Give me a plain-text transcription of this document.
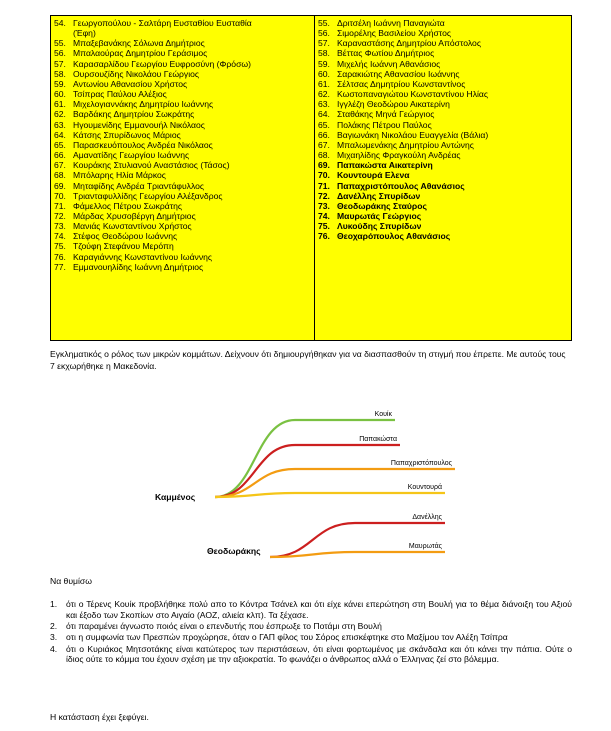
54. Γεωργοπούλου - Σαλτάρη Ευσταθίου Ευσταθία
(Έφη)
55. Μπαξεβανάκης Σόλωνα Δημήτριος
56. Μπαλαούρας Δημητρίου Γεράσιμος
57. Καρασαρλίδου Γεωργίου Ευφροσύνη (Φρόσω)
58. Ουρσουζίδης Νικολάου Γεώργιος
59. Αντωνίου Αθανασίου Χρήστος
60. Τσίπρας Παύλου Αλέξιος
61. Μιχελογιαννάκης Δημητρίου Ιωάννης
62. Βαρδάκης Δημητρίου Σωκράτης
63. Ηγουμενίδης Εμμανουήλ Νικόλαος
64. Κάτσης Σπυρίδωνος Μάριος
65. Παρασκευόπουλος Ανδρέα Νικόλαος
66. Αμανατίδης Γεωργίου Ιωάννης
67. Κουράκης Στυλιανού Αναστάσιος (Τάσος)
68. Μπόλαρης Ηλία Μάρκος
69. Μηταφίδης Ανδρέα Τριαντάφυλλος
70. Τριανταφυλλίδης Γεωργίου Αλέξανδρος
71. Φάμελλος Πέτρου Σωκράτης
72. Μάρδας Χρυσοβέργη Δημήτριος
73. Μανιάς Κωνσταντίνου Χρήστος
74. Στέφος Θεοδώρου Ιωάννης
75. Τζούφη Στεφάνου Μερόπη
76. Καραγιάννης Κωνσταντίνου Ιωάννης
77. Εμμανουηλίδης Ιωάννη Δημήτριος
55. Δριτσέλη Ιωάννη Παναγιώτα
56. Σιμορέλης Βασιλείου Χρήστος
57. Καραναστάσης Δημητρίου Απόστολος
58. Βέττας Φωτίου Δημήτριος
59. Μιχελής Ιωάννη Αθανάσιος
60. Σαρακιώτης Αθανασίου Ιωάννης
61. Σέλτσας Δημητρίου Κωνσταντίνος
62. Κωστοπαναγιώτου Κωνσταντίνου Ηλίας
63. Ιγγλέζη Θεοδώρου Αικατερίνη
64. Σταθάκης Μηνά Γεώργιος
65. Πολάκης Πέτρου Παύλος
66. Βαγιωνάκη Νικολάου Ευαγγελία (Βάλια)
67. Μπαλωμενάκης Δημητρίου Αντώνης
68. Μιχαηλίδης Φραγκούλη Ανδρέας
69. Παπακώστα Αικατερίνη
70. Κουντουρά Ελενα
71. Παπαχριστόπουλος Αθανάσιος
72. Δανέλλης Σπυρίδων
73. Θεοδωράκης Σταύρος
74. Μαυρωτάς Γεώργιος
75. Λυκούδης Σπυρίδων
76. Θεοχαρόπουλος Αθανάσιος

Εγκληματικός ο ρόλος των μικρών κομμάτων. Δείχνουν ότι δημιουργήθηκαν για να διασπασθούν τη στιγμή που έπρεπε. Με αυτούς τους 7 εκχωρήθηκε η Μακεδονία.

Κουίκ
Παπακώστα
Παπαχριστόπουλος
Κουντουρά
Δανέλλης
Μαυρωτάς
Καμμένος
Θεοδωράκης

Να θυμίσω

1.	ότι ο Τέρενς Κουίκ προβλήθηκε πολύ απο το Κόντρα Τσάνελ και ότι είχε κάνει επερώτηση στη Βουλή για το θέμα διάνοιξη του Αξιού και έξοδο των Σκοπίων στο Αιγαίο (ΑΟΖ, αλιεία κλπ). Τα ξέχασε.
2.	ότι παραμένει άγνωστο ποιός είναι ο επενδυτής που έσπρωξε το Ποτάμι στη Βουλή
3.	οτι η συμφωνία των Πρεσπών προχώρησε, όταν ο ΓΑΠ φίλος του Σόρος επισκέφτηκε στο Μαξίμου τον Αλέξη Τσίπρα
4.	ότι ο Κυριάκος Μητσοτάκης είναι κατώτερος των περιστάσεων, ότι είναι φορτωμένος με σκάνδαλα και ότι κάνει την πάπια. Ούτε ο ίδιος ούτε το κόμμα του έχουν σχέση με την αξιοκρατία. Το φωνάζει ο άνθρωπος αλλά ο Έλληνας ζεί στο βόλεμμα.

Η κατάσταση έχει ξεφύγει.
